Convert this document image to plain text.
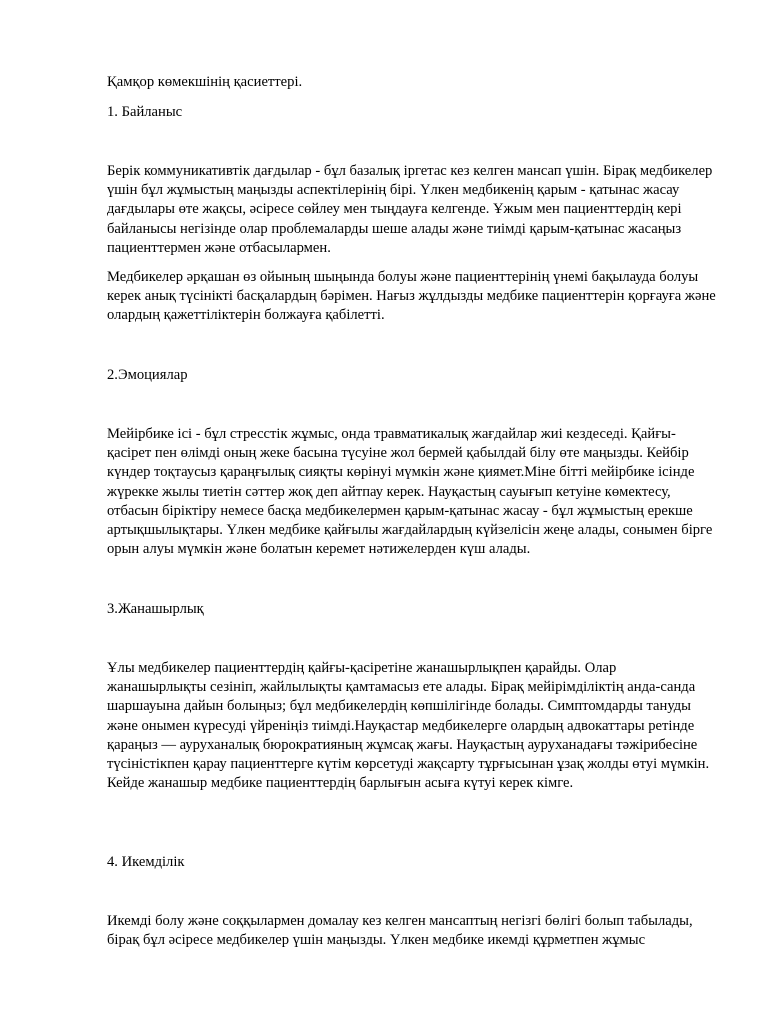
Қамқор көмекшінің қасиеттері.

1. Байланыс

Берік коммуникативтік дағдылар - бұл базалық іргетас кез келген мансап үшін. Бірақ медбикелер үшін бұл жұмыстың маңызды аспектілерінің бірі. Үлкен медбикенің қарым - қатынас жасау дағдылары өте жақсы, әсіресе сөйлеу мен тыңдауға келгенде. Ұжым мен пациенттердің кері байланысы негізінде олар проблемаларды шеше алады және тиімді қарым-қатынас жасаңыз пациенттермен және отбасылармен.

Медбикелер әрқашан өз ойының шыңында болуы және пациенттерінің үнемі бақылауда болуы керек анық түсінікті басқалардың бәрімен. Нағыз жұлдызды медбике пациенттерін қорғауға және олардың қажеттіліктерін болжауға қабілетті.

2.Эмоциялар

Мейірбике ісі - бұл стресстік жұмыс, онда травматикалық жағдайлар жиі кездеседі. Қайғы-қасірет пен өлімді оның жеке басына түсуіне жол бермей қабылдай білу өте маңызды. Кейбір күндер тоқтаусыз қараңғылық сияқты көрінуі мүмкін және қиямет.Міне бітті мейірбике ісінде жүрекке жылы тиетін сәттер жоқ деп айтпау керек. Науқастың сауығып кетуіне көмектесу, отбасын біріктіру немесе басқа медбикелермен қарым-қатынас жасау - бұл жұмыстың ерекше артықшылықтары. Үлкен медбике қайғылы жағдайлардың күйзелісін жеңе алады, сонымен бірге орын алуы мүмкін және болатын керемет нәтижелерден күш алады.

3.Жанашырлық

Ұлы медбикелер пациенттердің қайғы-қасіретіне жанашырлықпен қарайды. Олар жанашырлықты сезініп, жайлылықты қамтамасыз ете алады. Бірақ мейірімділіктің анда-санда шаршауына дайын болыңыз; бұл медбикелердің көпшілігінде болады. Симптомдарды тануды және онымен күресуді үйреніңіз тиімді.Науқастар медбикелерге олардың адвокаттары ретінде қараңыз — ауруханалық бюрократияның жұмсақ жағы. Науқастың ауруханадағы тәжірибесіне түсіністікпен қарау пациенттерге күтім көрсетуді жақсарту тұрғысынан ұзақ жолды өтуі мүмкін. Кейде жанашыр медбике пациенттердің барлығын асыға күтуі керек кімге.

4. Икемділік

Икемді болу және соққылармен домалау кез келген мансаптың негізгі бөлігі болып табылады, бірақ бұл әсіресе медбикелер үшін маңызды. Үлкен медбике икемді құрметпен жұмыс
